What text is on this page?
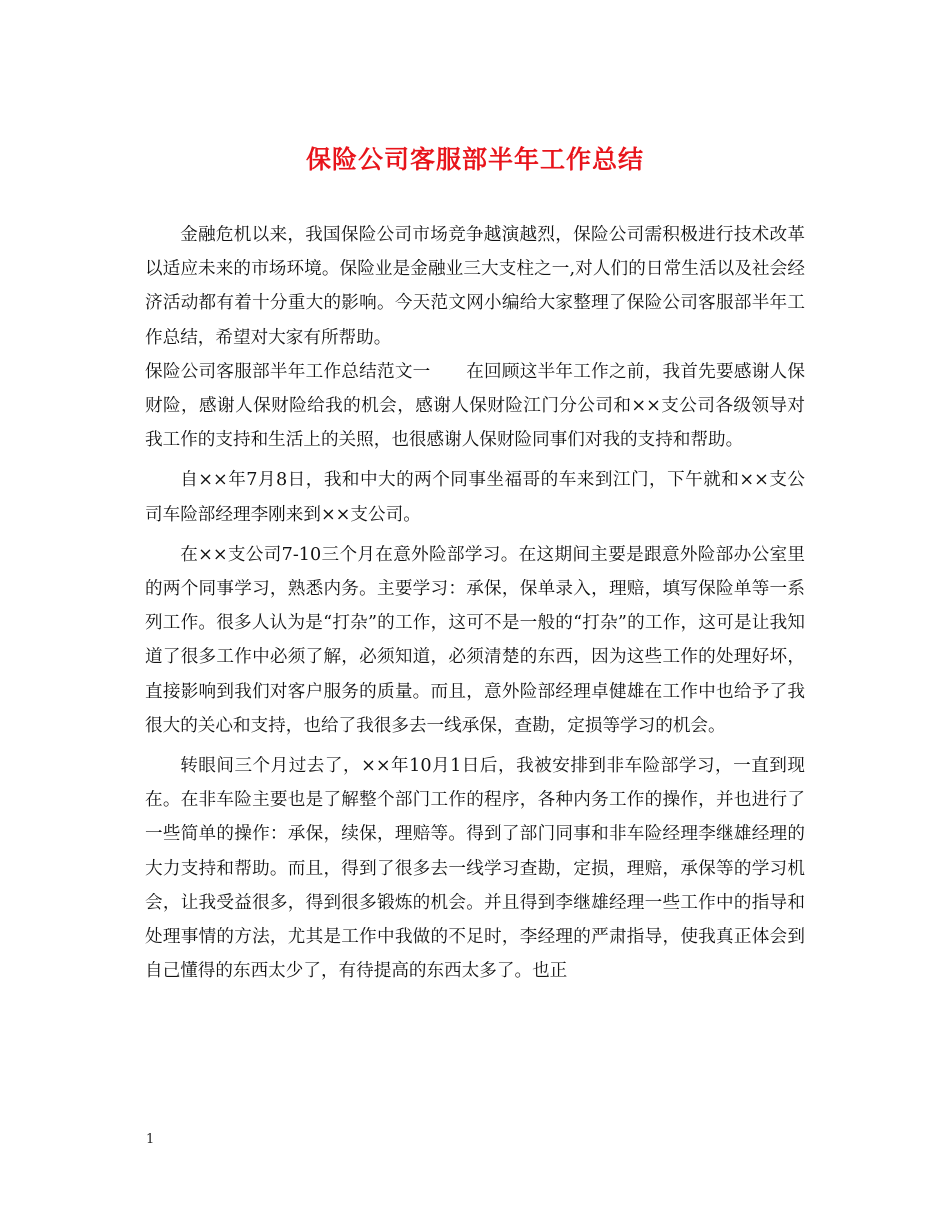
保险公司客服部半年工作总结

金融危机以来，我国保险公司市场竞争越演越烈，保险公司需积极进行技术改革以适应未来的市场环境。保险业是金融业三大支柱之一,对人们的日常生活以及社会经济活动都有着十分重大的影响。今天范文网小编给大家整理了保险公司客服部半年工作总结，希望对大家有所帮助。

保险公司客服部半年工作总结范文一　　在回顾这半年工作之前，我首先要感谢人保财险，感谢人保财险给我的机会，感谢人保财险江门分公司和××支公司各级领导对我工作的支持和生活上的关照，也很感谢人保财险同事们对我的支持和帮助。

自××年7月8日，我和中大的两个同事坐福哥的车来到江门，下午就和××支公司车险部经理李刚来到××支公司。

在××支公司7-10三个月在意外险部学习。在这期间主要是跟意外险部办公室里的两个同事学习，熟悉内务。主要学习：承保，保单录入，理赔，填写保险单等一系列工作。很多人认为是“打杂”的工作，这可不是一般的“打杂”的工作，这可是让我知道了很多工作中必须了解，必须知道，必须清楚的东西，因为这些工作的处理好坏，直接影响到我们对客户服务的质量。而且，意外险部经理卓健雄在工作中也给予了我很大的关心和支持，也给了我很多去一线承保，查勘，定损等学习的机会。

转眼间三个月过去了，××年10月1日后，我被安排到非车险部学习，一直到现在。在非车险主要也是了解整个部门工作的程序，各种内务工作的操作，并也进行了一些简单的操作：承保，续保，理赔等。得到了部门同事和非车险经理李继雄经理的大力支持和帮助。而且，得到了很多去一线学习查勘，定损，理赔，承保等的学习机会，让我受益很多，得到很多锻炼的机会。并且得到李继雄经理一些工作中的指导和处理事情的方法，尤其是工作中我做的不足时，李经理的严肃指导，使我真正体会到自己懂得的东西太少了，有待提高的东西太多了。也正

1
